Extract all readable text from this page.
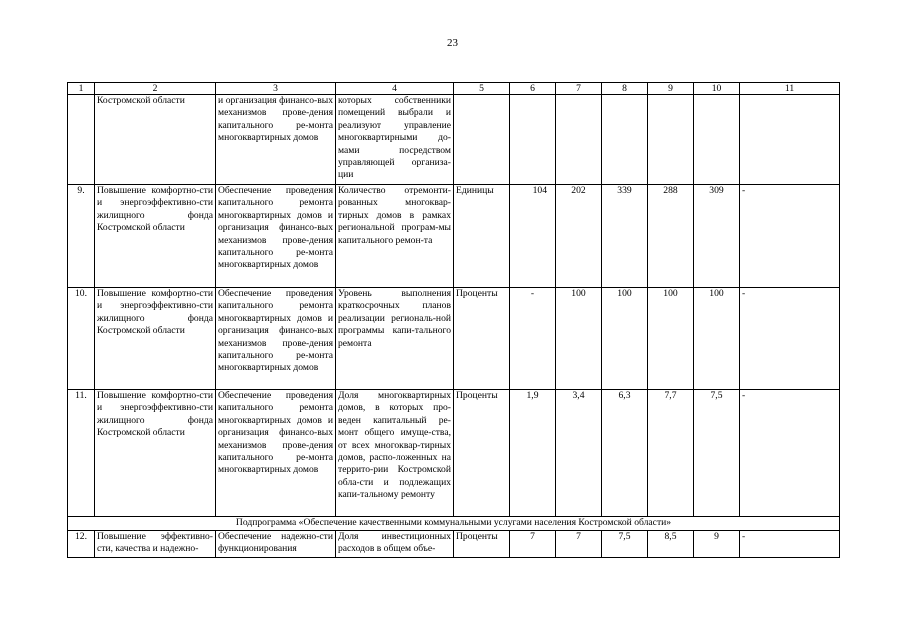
23
1	2	3	4	5	6	7	8	9	10	11
	Костромской области	и организация финансо-вых механизмов прове-дения капитального ре-монта многоквартирных домов	которых собственники помещений выбрали и реализуют управление многоквартирными до-мами посредством управляющей организа-ции							
9.	Повышение комфортно-сти и энергоэффективно-сти жилищного фонда Костромской области	Обеспечение проведения капитального ремонта многоквартирных домов и организация финансо-вых механизмов прове-дения капитального ре-монта многоквартирных домов	Количество отремонти-рованных многоквар-тирных домов в рамках региональной програм-мы капитального ремон-та	Единицы	104	202	339	288	309	-
10.	Повышение комфортно-сти и энергоэффективно-сти жилищного фонда Костромской области	Обеспечение проведения капитального ремонта многоквартирных домов и организация финансо-вых механизмов прове-дения капитального ре-монта многоквартирных домов	Уровень выполнения краткосрочных планов реализации региональ-ной программы капи-тального ремонта	Проценты	-	100	100	100	100	-
11.	Повышение комфортно-сти и энергоэффективно-сти жилищного фонда Костромской области	Обеспечение проведения капитального ремонта многоквартирных домов и организация финансо-вых механизмов прове-дения капитального ре-монта многоквартирных домов	Доля многоквартирных домов, в которых про-веден капитальный ре-монт общего имуще-ства, от всех многоквар-тирных домов, распо-ложенных на террито-рии Костромской обла-сти и подлежащих капи-тальному ремонту	Проценты	1,9	3,4	6,3	7,7	7,5	-
Подпрограмма «Обеспечение качественными коммунальными услугами населения Костромской области»										
12.	Повышение эффективно-сти, качества и надежно-	Обеспечение надежно-сти функционирования	Доля инвестиционных расходов в общем объе-	Проценты	7	7	7,5	8,5	9	-
